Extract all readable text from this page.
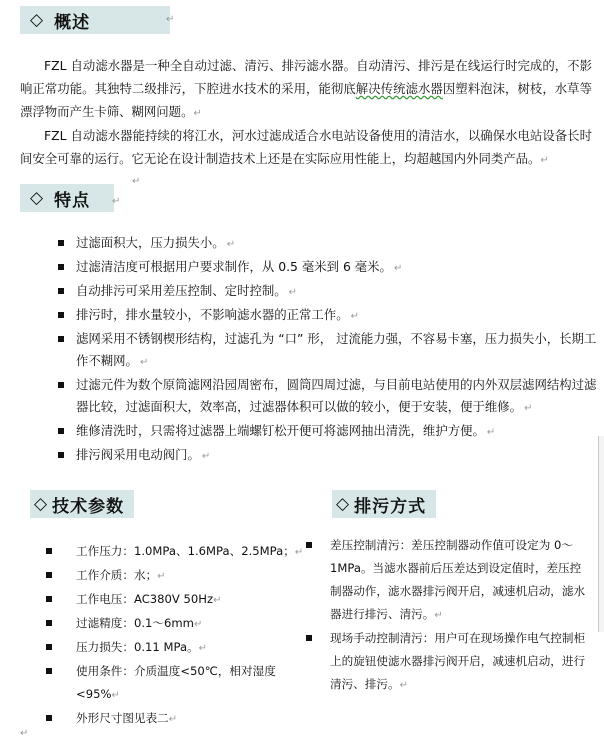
◇ 概述	↵
FZL 自动滤水器是一种全自动过滤、清污、排污滤水器。自动清污、排污是在线运行时完成的，不影响正常功能。其独特二级排污，下腔进水技术的采用，能彻底解决传统滤水器因塑料泡沫，树枝，水草等漂浮物而产生卡筛、糊网问题。↵
FZL 自动滤水器能持续的将江水，河水过滤成适合水电站设备使用的清洁水，以确保水电站设备长时间安全可靠的运行。它无论在设计制造技术上还是在实际应用性能上，均超越国内外同类产品。↵
↵
◇ 特点 ↵
过滤面积大，压力损失小。 ↵
过滤清洁度可根据用户要求制作，从 0.5 毫米到 6 毫米。 ↵
自动排污可采用差压控制、定时控制。 ↵
排污时，排水量较小，不影响滤水器的正常工作。 ↵
滤网采用不锈钢楔形结构，过滤孔为 “口” 形， 过流能力强，不容易卡塞，压力损失小，长期工作不糊网。 ↵
过滤元件为数个原筒滤网沿园周密布，圆筒四周过滤，与目前电站使用的内外双层滤网结构过滤器比较，过滤面积大，效率高，过滤器体积可以做的较小，便于安装，便于维修。 ↵
维修清洗时，只需将过滤器上端螺钉松开便可将滤网抽出清洗，维护方便。 ↵
排污阀采用电动阀门。 ↵
◇ 技术参数	◇ 排污方式
工作压力：1.0MPa、1.6MPa、2.5MPa；↵
工作介质：水；↵
工作电压：AC380V 50Hz↵
过滤精度：0.1～6mm↵
压力损失：0.11 MPa。↵
使用条件：介质温度<50℃，相对湿度<95%↵
外形尺寸图见表二↵
差压控制清污：差压控制器动作值可设定为 0～1MPa。当滤水器前后压差达到设定值时，差压控制器动作，滤水器排污阀开启，减速机启动，滤水器进行排污、清污。↵
现场手动控制清污：用户可在现场操作电气控制柜上的旋钮使滤水器排污阀开启，减速机启动，进行清污、排污。↵
↵
